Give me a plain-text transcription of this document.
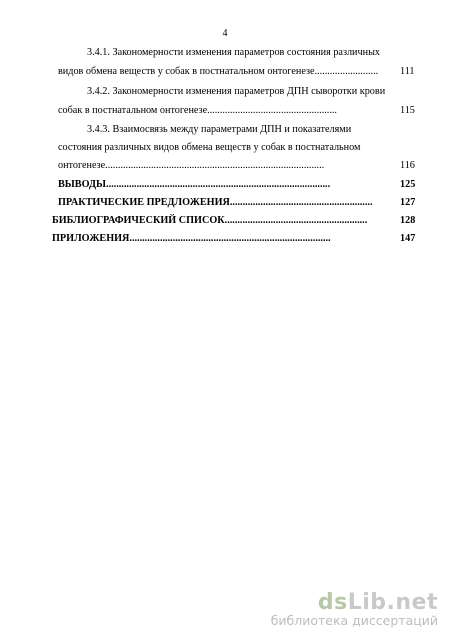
4
3.4.1. Закономерности изменения параметров состояния различных
видов обмена веществ у собак в постнатальном онтогенезе......................... 111
3.4.2. Закономерности изменения параметров ДПН сыворотки крови
собак в постнатальном онтогенезе...................................................	115
3.4.3. Взаимосвязь между параметрами ДПН и показателями
состояния различных видов обмена веществ у собак в постнатальном
онтогенезе......................................................................................	116
ВЫВОДЫ........................................................................................	125
ПРАКТИЧЕСКИЕ ПРЕДЛОЖЕНИЯ........................................................	127
БИБЛИОГРАФИЧЕСКИЙ СПИСОК........................................................	128
ПРИЛОЖЕНИЯ...............................................................................	147
dsLib.net
библиотека диссертаций
